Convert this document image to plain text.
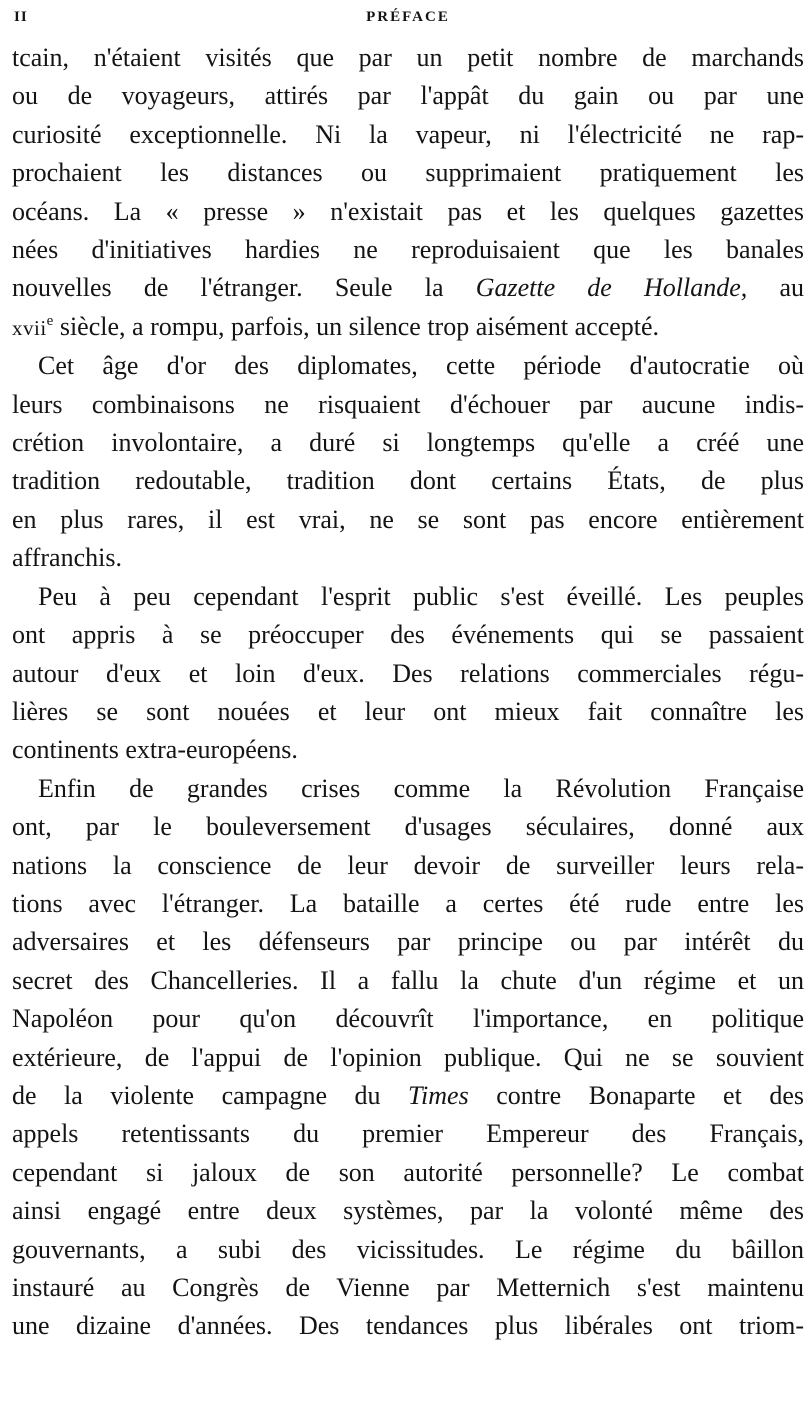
II	PRÉFACE

tcain, n'étaient visités que par un petit nombre de marchands
ou de voyageurs, attirés par l'appât du gain ou par une
curiosité exceptionnelle. Ni la vapeur, ni l'électricité ne rap-
prochaient les distances ou supprimaient pratiquement les
océans. La « presse » n'existait pas et les quelques gazettes
nées d'initiatives hardies ne reproduisaient que les banales
nouvelles de l'étranger. Seule la Gazette de Hollande, au
xvii$^e$ siècle, a rompu, parfois, un silence trop aisément accepté.

Cet âge d'or des diplomates, cette période d'autocratie où
leurs combinaisons ne risquaient d'échouer par aucune indis-
crétion involontaire, a duré si longtemps qu'elle a créé une
tradition redoutable, tradition dont certains États, de plus
en plus rares, il est vrai, ne se sont pas encore entièrement
affranchis.

Peu à peu cependant l'esprit public s'est éveillé. Les peuples
ont appris à se préoccuper des événements qui se passaient
autour d'eux et loin d'eux. Des relations commerciales régu-
lières se sont nouées et leur ont mieux fait connaître les
continents extra-européens.

Enfin de grandes crises comme la Révolution Française
ont, par le bouleversement d'usages séculaires, donné aux
nations la conscience de leur devoir de surveiller leurs rela-
tions avec l'étranger. La bataille a certes été rude entre les
adversaires et les défenseurs par principe ou par intérêt du
secret des Chancelleries. Il a fallu la chute d'un régime et un
Napoléon pour qu'on découvrît l'importance, en politique
extérieure, de l'appui de l'opinion publique. Qui ne se souvient
de la violente campagne du Times contre Bonaparte et des
appels retentissants du premier Empereur des Français,
cependant si jaloux de son autorité personnelle? Le combat
ainsi engagé entre deux systèmes, par la volonté même des
gouvernants, a subi des vicissitudes. Le régime du bâillon
instauré au Congrès de Vienne par Metternich s'est maintenu
une dizaine d'années. Des tendances plus libérales ont triom-
